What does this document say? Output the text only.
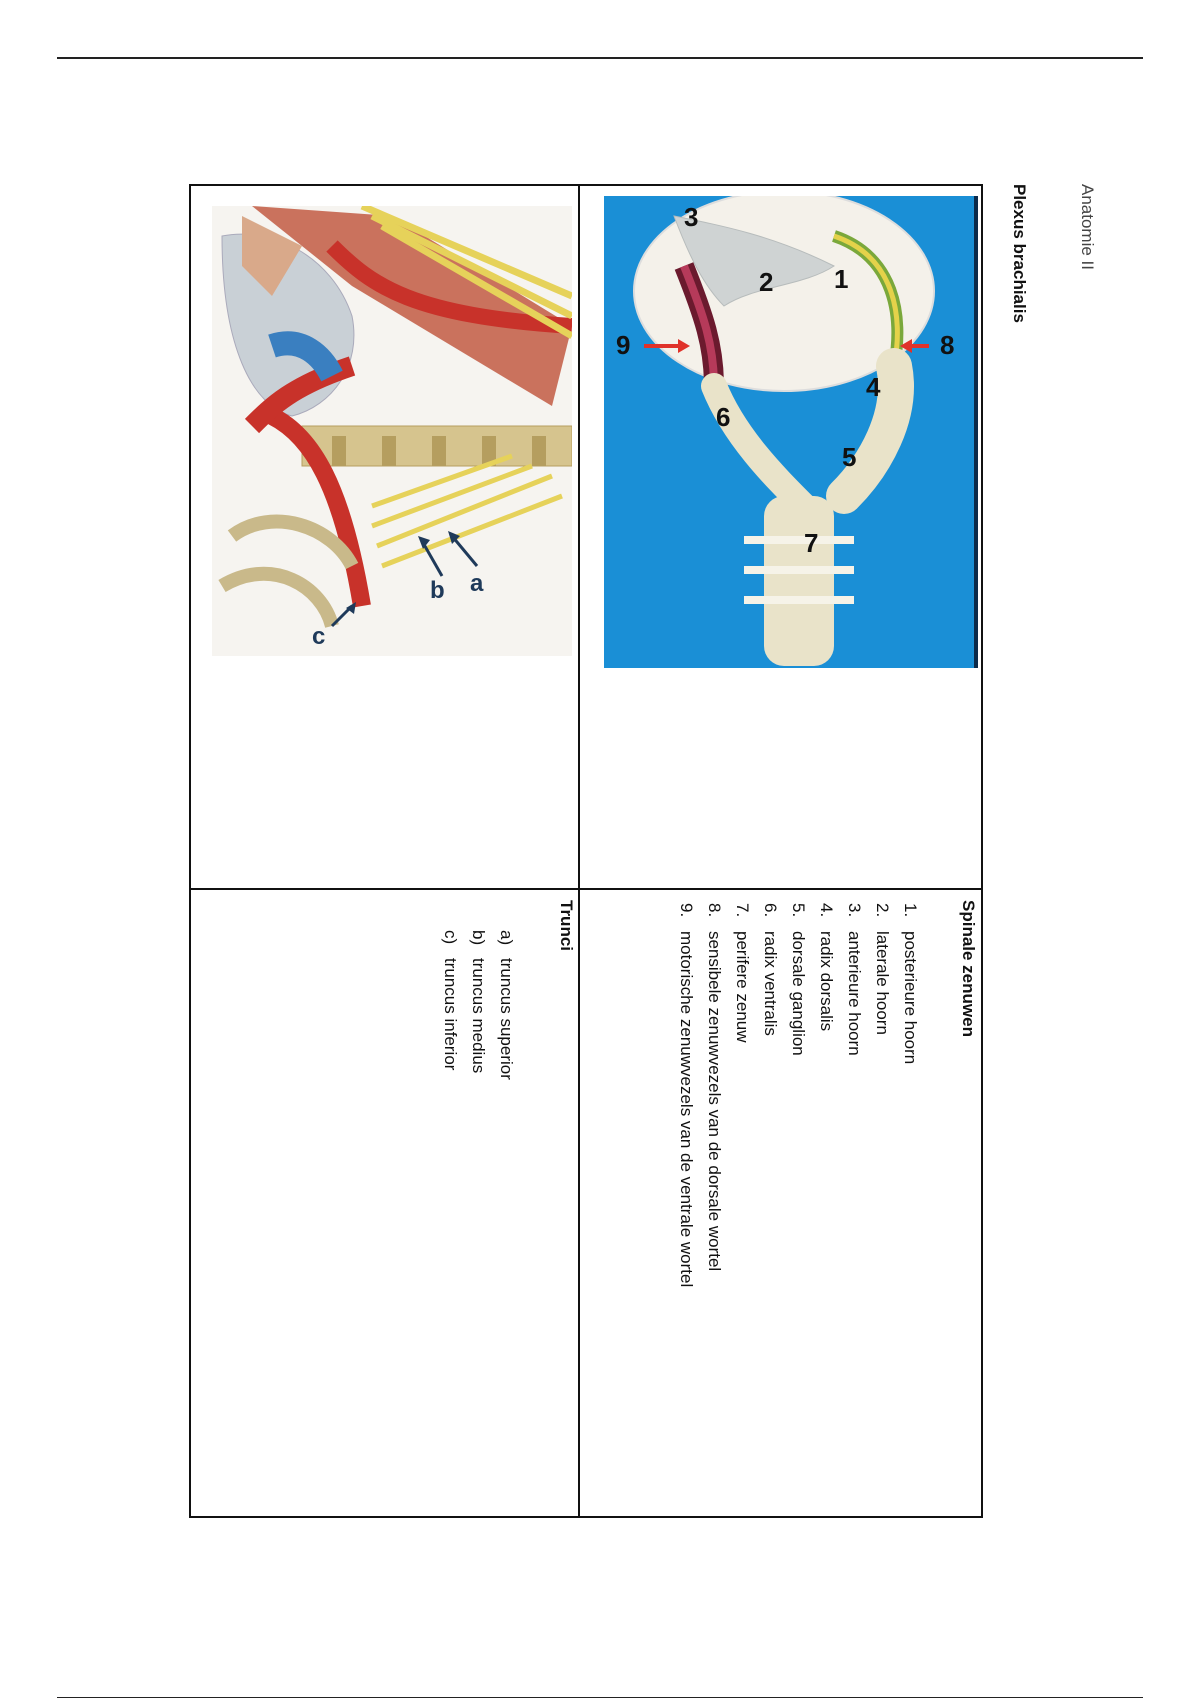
Anatomie II
Plexus brachialis
1
2
3
4
5
6
7
8
9
a
b
c
Spinale zenuwen
1.posterieure hoorn
2.laterale hoorn
3.anterieure hoorn
4.radix dorsalis
5.dorsale ganglion
6.radix ventralis
7.perifere zenuw
8.sensibele zenuwvezels van de dorsale wortel
9.motorische zenuwvezels van de ventrale wortel
Trunci
a)truncus superior
b)truncus medius
c)truncus inferior
